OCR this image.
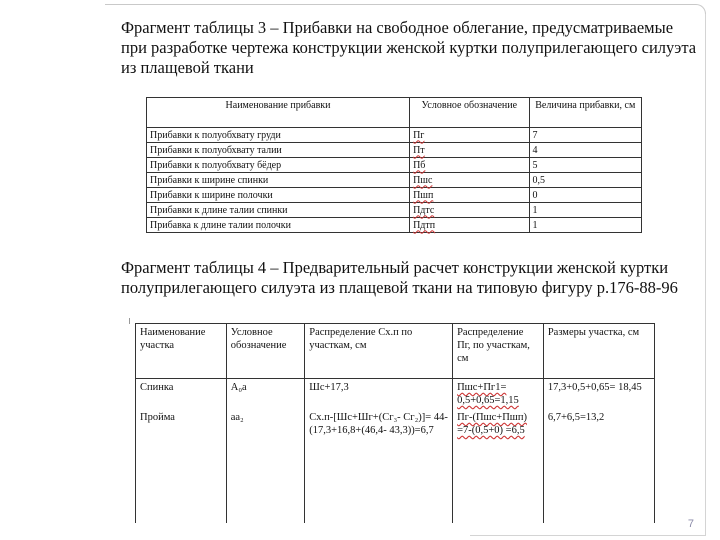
Фрагмент таблицы 3 – Прибавки на свободное облегание, предусматриваемые при разработке чертежа конструкции женской куртки полуприлегающего силуэта из плащевой ткани

Наименование прибавки	Условное обозначение	Величина прибавки, см
Прибавки к полуобхвату груди	Пг	7
Прибавки к полуобхвату талии	Пт	4
Прибавки к полуобхвату бёдер	Пб	5
Прибавки к ширине спинки	Пшс	0,5
Прибавки к ширине полочки	Пшп	0
Прибавки к длине талии спинки	Пдтс	1
Прибавка к длине талии полочки	Пдтп	1

Фрагмент таблицы 4 – Предварительный расчет конструкции женской куртки полуприлегающего силуэта из плащевой ткани на типовую фигуру р.176-88-96

Наименование участка	Условное обозначение	Распределение Сх.п по участкам, см	Распределение Пг, по участкам, см	Размеры участка, см
Спинка	А₀а	Шс+17,3	Пшс+Пг1= 0,5+0,65=1,15	17,3+0,5+0,65= 18,45
Пройма	аа₂	Сх.п-[Шс+Шг+(Сг₃- Сг₂)]= 44-(17,3+16,8+(46,4- 43,3))=6,7	Пг-(Пшс+Пшп) =7-(0,5+0) =6,5	6,7+6,5=13,2
7
